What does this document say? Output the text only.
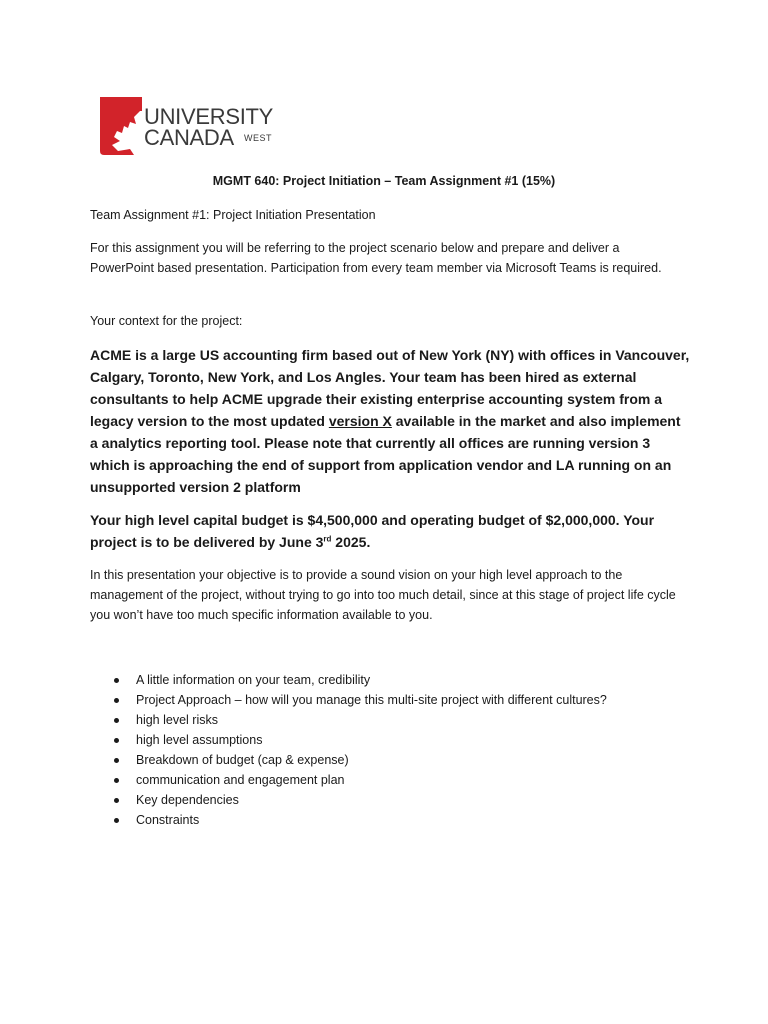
UNIVERSITY
CANADA WEST
MGMT 640: Project Initiation – Team Assignment #1 (15%)
Team Assignment #1: Project Initiation Presentation
For this assignment you will be referring to the project scenario below and prepare and deliver a PowerPoint based presentation. Participation from every team member via Microsoft Teams is required.
Your context for the project:
ACME is a large US accounting firm based out of New York (NY) with offices in Vancouver, Calgary, Toronto, New York, and Los Angles. Your team has been hired as external consultants to help ACME upgrade their existing enterprise accounting system from a legacy version to the most updated version X available in the market and also implement a analytics reporting tool. Please note that currently all offices are running version 3 which is approaching the end of support from application vendor and LA running on an unsupported version 2 platform
Your high level capital budget is $4,500,000 and operating budget of $2,000,000. Your project is to be delivered by June 3rd 2025.
In this presentation your objective is to provide a sound vision on your high level approach to the management of the project, without trying to go into too much detail, since at this stage of project life cycle you won’t have too much specific information available to you.
A little information on your team, credibility
Project Approach – how will you manage this multi-site project with different cultures?
high level risks
high level assumptions
Breakdown of budget (cap & expense)
communication and engagement plan
Key dependencies
Constraints
